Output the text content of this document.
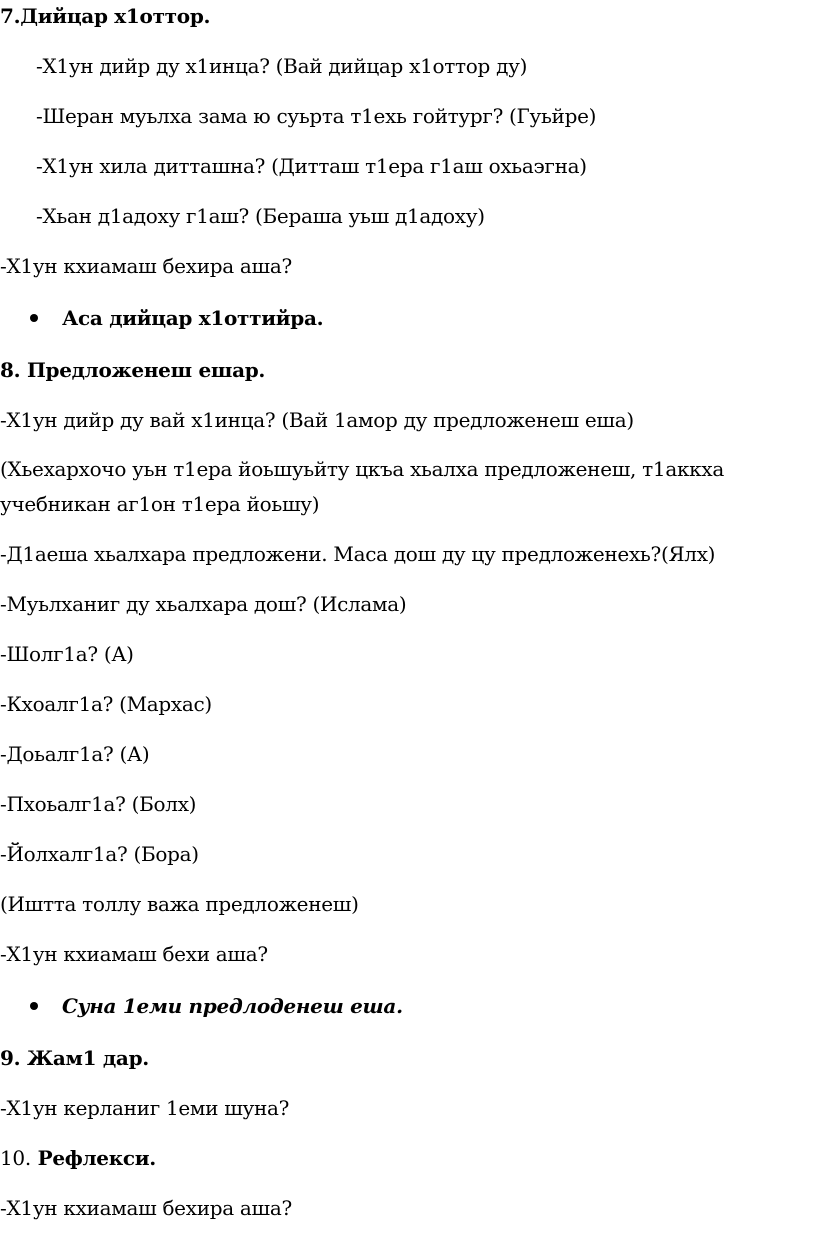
7.Дийцар х1оттор.
-Х1ун дийр ду х1инца? (Вай дийцар х1оттор ду)
-Шеран муьлха зама ю суьрта т1ехь гойтург? (Гуьйре)
-Х1ун хила дитташна? (Дитташ т1ера г1аш охьаэгна)
-Хьан д1адоху г1аш? (Бераша уьш д1адоху)
-Х1ун кхиамаш бехира аша?
Аса дийцар х1оттийра.
8. Предложенеш ешар.
-Х1ун дийр ду вай х1инца? (Вай 1амор ду предложенеш еша)
(Хьехархочо уьн т1ера йоьшуьйту цкъа хьалха предложенеш, т1аккха учебникан аг1он т1ера йоьшу)
-Д1аеша хьалхара предложени. Маса дош ду цу предложенехь?(Ялх)
-Муьлханиг ду хьалхара дош? (Ислама)
-Шолг1а? (А)
-Кхоалг1а? (Мархас)
-Доьалг1а? (А)
-Пхоьалг1а? (Болх)
-Йолхалг1а? (Бора)
(Иштта толлу важа предложенеш)
-Х1ун кхиамаш бехи аша?
Суна 1еми предлоденеш еша.
9. Жам1 дар.
-Х1ун керланиг 1еми шуна?
10. Рефлекси.
-Х1ун кхиамаш бехира аша?
